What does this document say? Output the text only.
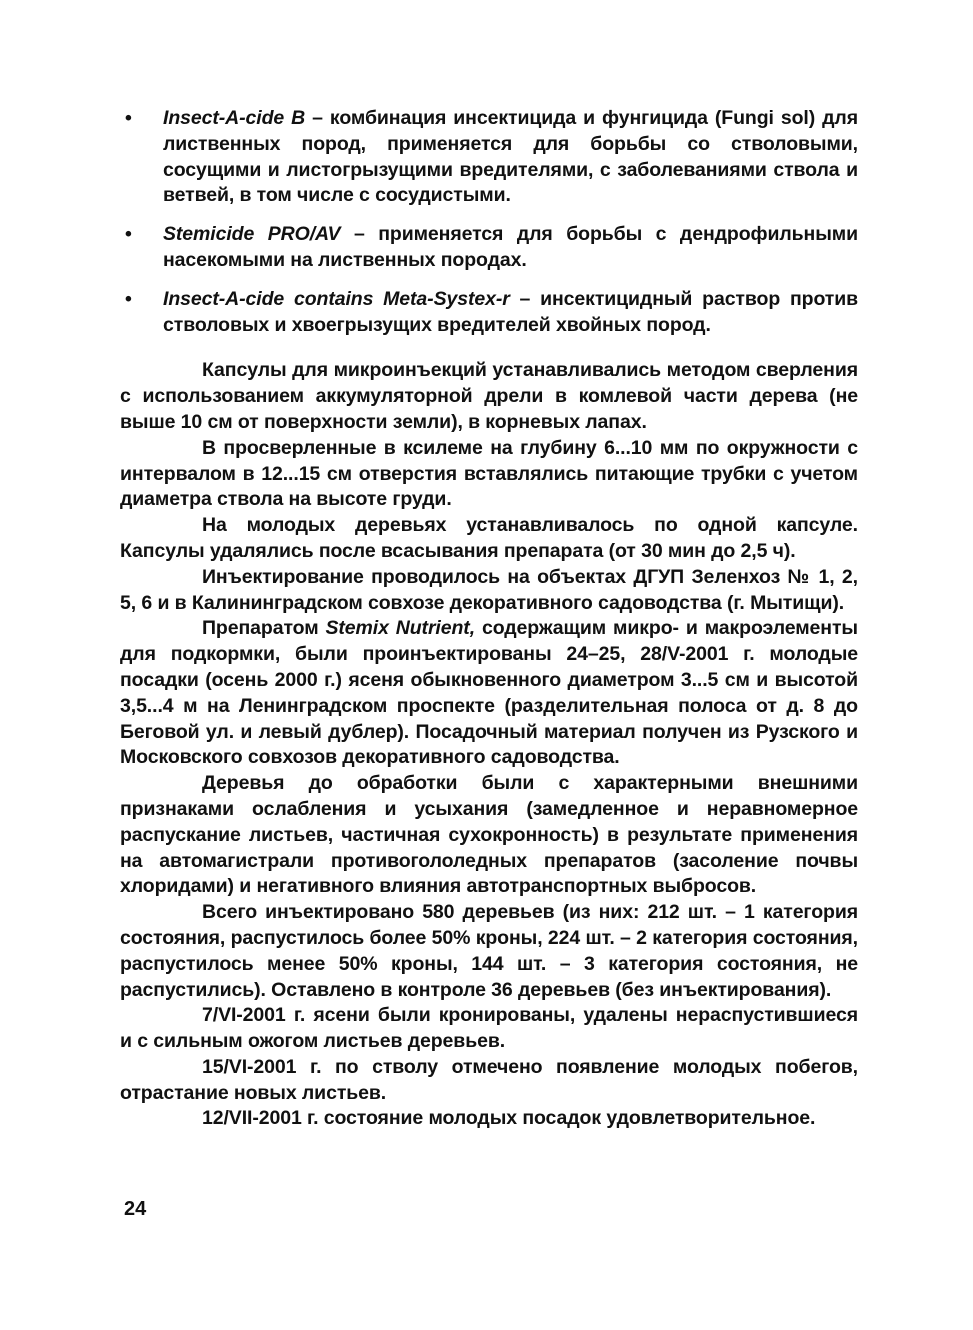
• Insect-A-cide B – комбинация инсектицида и фунгицида (Fungi sol) для лиственных пород, применяется для борьбы со стволовыми, сосущими и листогрызущими вредителями, с заболеваниями ствола и ветвей, в том числе с сосудистыми.
• Stemicide PRO/AV – применяется для борьбы с дендрофильными насекомыми на лиственных породах.
• Insect-A-cide contains Meta-Systex-r – инсектицидный раствор против стволовых и хвоегрызущих вредителей хвойных пород.

Капсулы для микроинъекций устанавливались методом сверления с использованием аккумуляторной дрели в комлевой части дерева (не выше 10 см от поверхности земли), в корневых лапах.

В просверленные в ксилеме на глубину 6...10 мм по окружности с интервалом в 12...15 см отверстия вставлялись питающие трубки с учетом диаметра ствола на высоте груди.

На молодых деревьях устанавливалось по одной капсуле. Капсулы удалялись после всасывания препарата (от 30 мин до 2,5 ч).

Инъектирование проводилось на объектах ДГУП Зеленхоз № 1, 2, 5, 6 и в Калининградском совхозе декоративного садоводства (г. Мытищи).

Препаратом Stemix Nutrient, содержащим микро- и макроэлементы для подкормки, были проинъектированы 24–25, 28/V-2001 г. молодые посадки (осень 2000 г.) ясеня обыкновенного диаметром 3...5 см и высотой 3,5...4 м на Ленинградском проспекте (разделительная полоса от д. 8 до Беговой ул. и левый дублер). Посадочный материал получен из Рузского и Московского совхозов декоративного садоводства.

Деревья до обработки были с характерными внешними признаками ослабления и усыхания (замедленное и неравномерное распускание листьев, частичная сухокронность) в результате применения на автомагистрали противогололедных препаратов (засоление почвы хлоридами) и негативного влияния автотранспортных выбросов.

Всего инъектировано 580 деревьев (из них: 212 шт. – 1 категория состояния, распустилось более 50% кроны, 224 шт. – 2 категория состояния, распустилось менее 50% кроны, 144 шт. – 3 категория состояния, не распустились). Оставлено в контроле 36 деревьев (без инъектирования).

7/VI-2001 г. ясени были кронированы, удалены нераспустившиеся и с сильным ожогом листьев деревьев.

15/VI-2001 г. по стволу отмечено появление молодых побегов, отрастание новых листьев.

12/VII-2001 г. состояние молодых посадок удовлетворительное.

24
